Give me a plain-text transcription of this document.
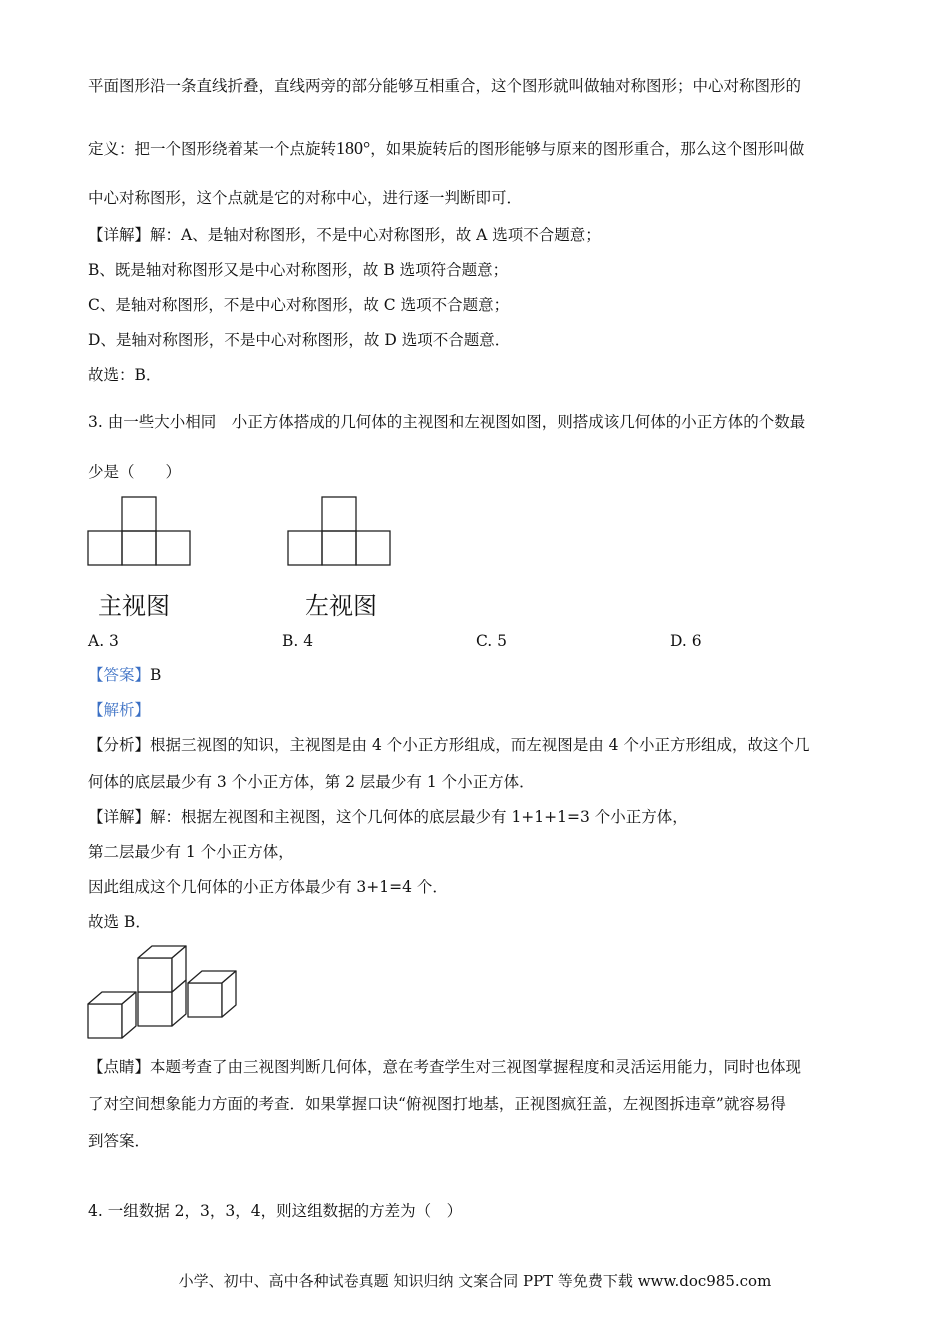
平面图形沿一条直线折叠，直线两旁的部分能够互相重合，这个图形就叫做轴对称图形；中心对称图形的
定义：把一个图形绕着某一个点旋转180°，如果旋转后的图形能够与原来的图形重合，那么这个图形叫做
中心对称图形，这个点就是它的对称中心，进行逐一判断即可．
【详解】解：A、是轴对称图形，不是中心对称图形，故 A 选项不合题意；
B、既是轴对称图形又是中心对称图形，故 B 选项符合题意；
C、是轴对称图形，不是中心对称图形，故 C 选项不合题意；
D、是轴对称图形，不是中心对称图形，故 D 选项不合题意．
故选：B．
3. 由一些大小相同　小正方体搭成的几何体的主视图和左视图如图，则搭成该几何体的小正方体的个数最
少是（　　）
主视图	左视图
A. 3	B. 4	C. 5	D. 6
【答案】B
【解析】
【分析】根据三视图的知识，主视图是由 4 个小正方形组成，而左视图是由 4 个小正方形组成，故这个几
何体的底层最少有 3 个小正方体，第 2 层最少有 1 个小正方体．
【详解】解：根据左视图和主视图，这个几何体的底层最少有 1+1+1=3 个小正方体，
第二层最少有 1 个小正方体，
因此组成这个几何体的小正方体最少有 3+1=4 个．
故选 B．
【点睛】本题考查了由三视图判断几何体，意在考查学生对三视图掌握程度和灵活运用能力，同时也体现
了对空间想象能力方面的考查．如果掌握口诀“俯视图打地基，正视图疯狂盖，左视图拆违章”就容易得
到答案．
4. 一组数据 2，3，3，4，则这组数据的方差为（　）
小学、初中、高中各种试卷真题 知识归纳 文案合同 PPT 等免费下载 www.doc985.com
